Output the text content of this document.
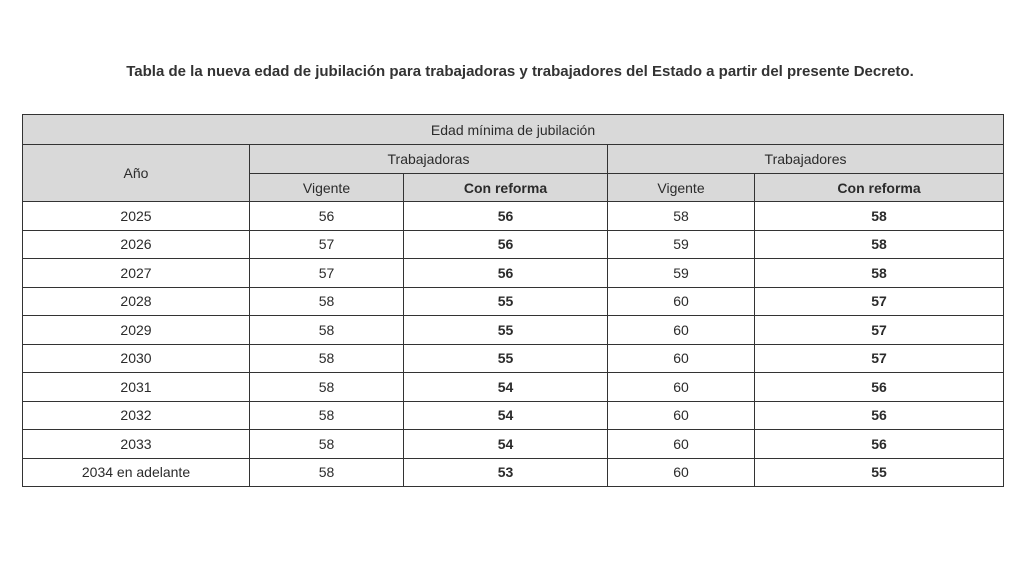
Tabla de la nueva edad de jubilación para trabajadoras y trabajadores del Estado a partir del presente Decreto.
Edad mínima de jubilación				
Año	Trabajadoras		Trabajadores	
	Vigente	Con reforma	Vigente	Con reforma
2025	56	56	58	58
2026	57	56	59	58
2027	57	56	59	58
2028	58	55	60	57
2029	58	55	60	57
2030	58	55	60	57
2031	58	54	60	56
2032	58	54	60	56
2033	58	54	60	56
2034 en adelante	58	53	60	55
